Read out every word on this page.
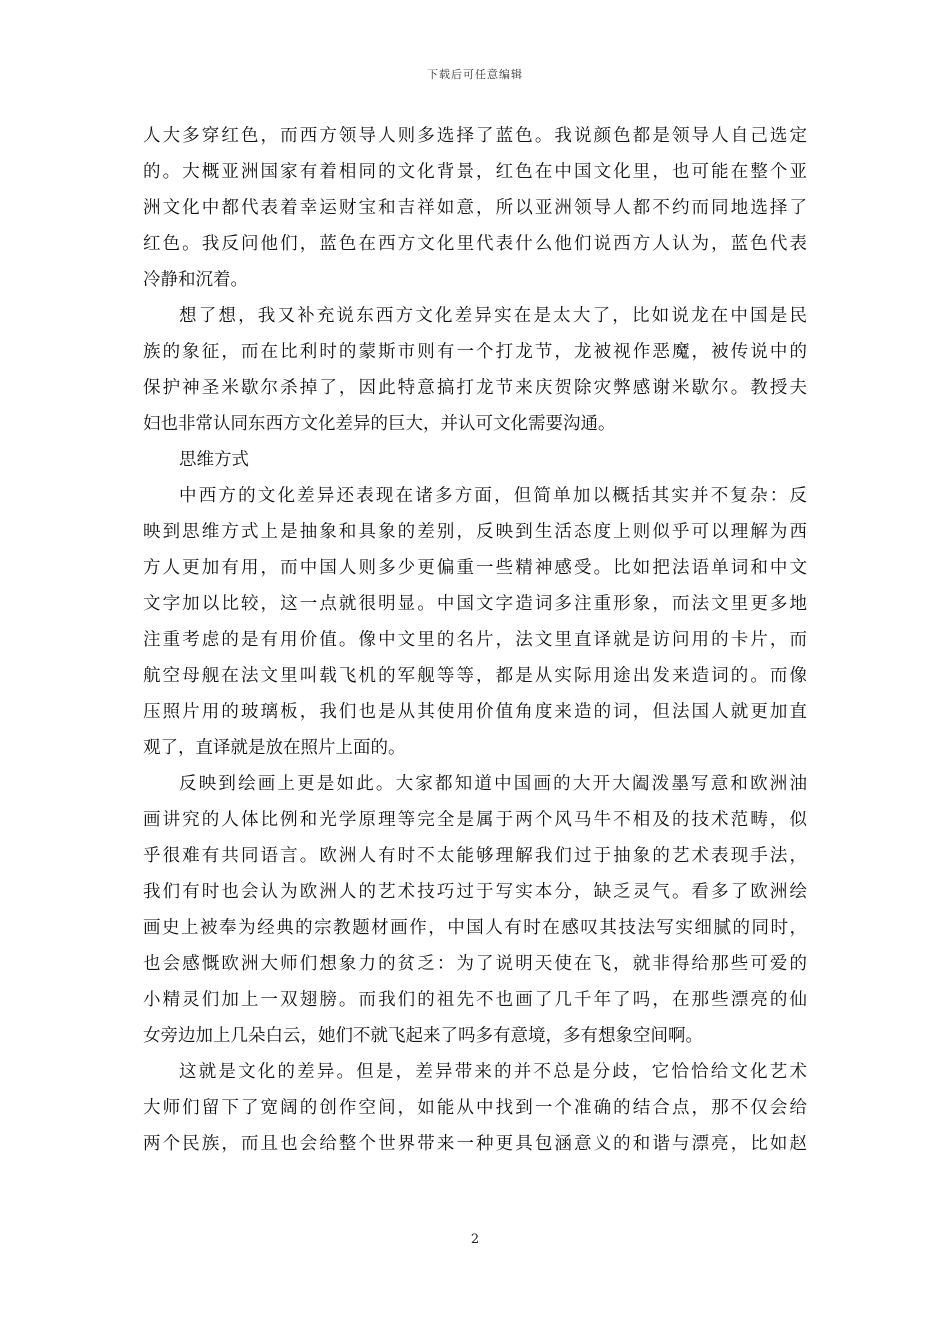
下载后可任意编辑
人大多穿红色，而西方领导人则多选择了蓝色。我说颜色都是领导人自己选定
的。大概亚洲国家有着相同的文化背景，红色在中国文化里，也可能在整个亚
洲文化中都代表着幸运财宝和吉祥如意，所以亚洲领导人都不约而同地选择了
红色。我反问他们，蓝色在西方文化里代表什么他们说西方人认为，蓝色代表
冷静和沉着。
想了想，我又补充说东西方文化差异实在是太大了，比如说龙在中国是民
族的象征，而在比利时的蒙斯市则有一个打龙节，龙被视作恶魔，被传说中的
保护神圣米歇尔杀掉了，因此特意搞打龙节来庆贺除灾弊感谢米歇尔。教授夫
妇也非常认同东西方文化差异的巨大，并认可文化需要沟通。
思维方式
中西方的文化差异还表现在诸多方面，但简单加以概括其实并不复杂：反
映到思维方式上是抽象和具象的差别，反映到生活态度上则似乎可以理解为西
方人更加有用，而中国人则多少更偏重一些精神感受。比如把法语单词和中文
文字加以比较，这一点就很明显。中国文字造词多注重形象，而法文里更多地
注重考虑的是有用价值。像中文里的名片，法文里直译就是访问用的卡片，而
航空母舰在法文里叫载飞机的军舰等等，都是从实际用途出发来造词的。而像
压照片用的玻璃板，我们也是从其使用价值角度来造的词，但法国人就更加直
观了，直译就是放在照片上面的。
反映到绘画上更是如此。大家都知道中国画的大开大阖泼墨写意和欧洲油
画讲究的人体比例和光学原理等完全是属于两个风马牛不相及的技术范畴，似
乎很难有共同语言。欧洲人有时不太能够理解我们过于抽象的艺术表现手法，
我们有时也会认为欧洲人的艺术技巧过于写实本分，缺乏灵气。看多了欧洲绘
画史上被奉为经典的宗教题材画作，中国人有时在感叹其技法写实细腻的同时，
也会感慨欧洲大师们想象力的贫乏：为了说明天使在飞，就非得给那些可爱的
小精灵们加上一双翅膀。而我们的祖先不也画了几千年了吗，在那些漂亮的仙
女旁边加上几朵白云，她们不就飞起来了吗多有意境，多有想象空间啊。
这就是文化的差异。但是，差异带来的并不总是分歧，它恰恰给文化艺术
大师们留下了宽阔的创作空间，如能从中找到一个准确的结合点，那不仅会给
两个民族，而且也会给整个世界带来一种更具包涵意义的和谐与漂亮，比如赵
2
